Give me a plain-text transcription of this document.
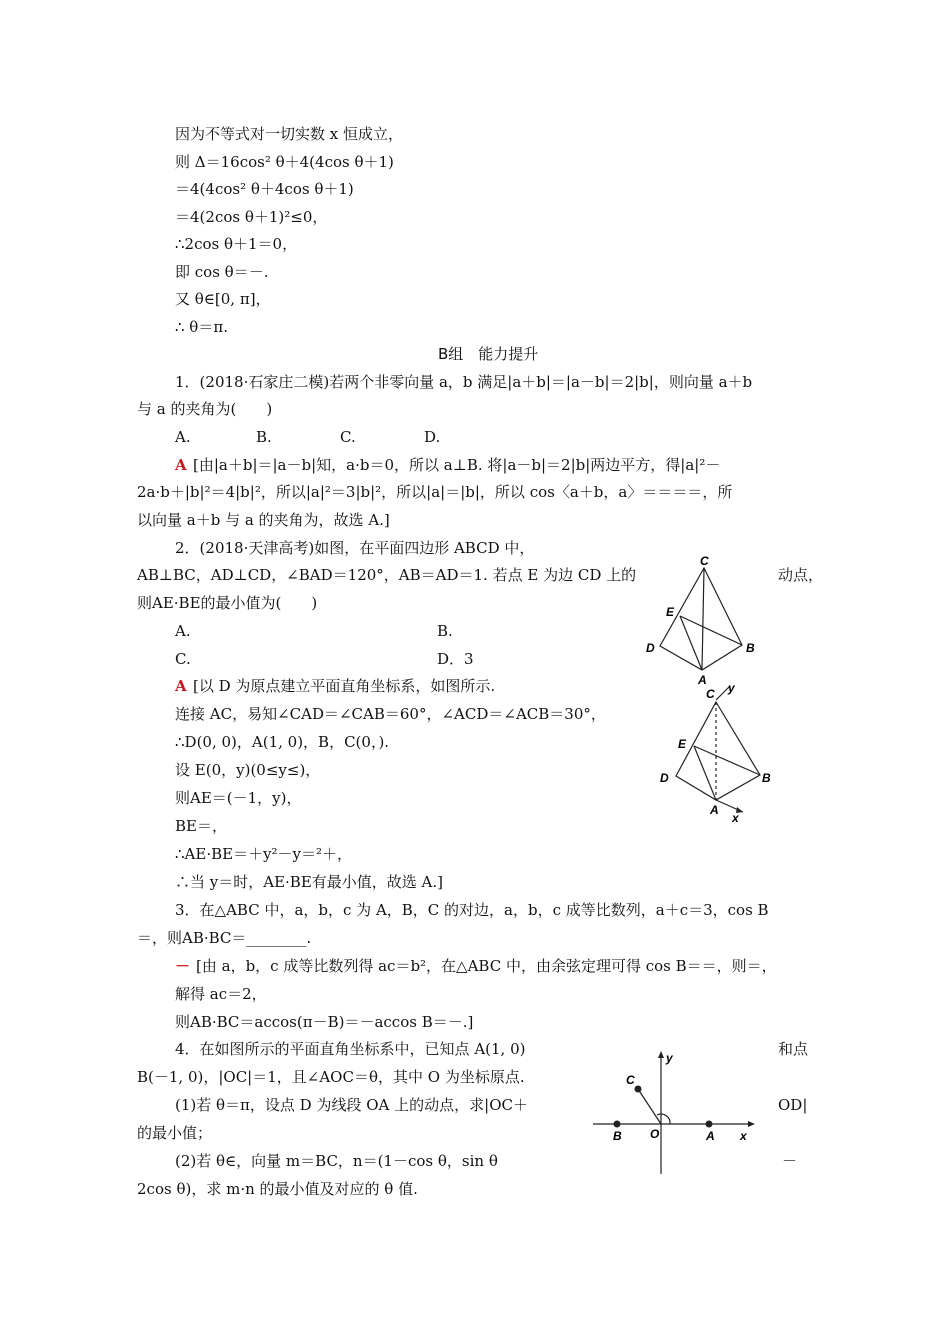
因为不等式对一切实数 x 恒成立，
则 Δ＝16cos² θ＋4(4cos θ＋1)
＝4(4cos² θ＋4cos θ＋1)
＝4(2cos θ＋1)²≤0，
∴2cos θ＋1＝0，
即 cos θ＝－.
又 θ∈[0, π]，
∴ θ＝π.
B组　能力提升
1．(2018·石家庄二模)若两个非零向量 a，b 满足|a＋b|＝|a－b|＝2|b|，则向量 a＋b
与 a 的夹角为(　　)
A.	B.	C.	D.
A [由|a＋b|＝|a－b|知，a·b＝0，所以 a⊥B. 将|a－b|＝2|b|两边平方，得|a|²－
2a·b＋|b|²＝4|b|²，所以|a|²＝3|b|²，所以|a|＝|b|，所以 cos〈a＋b，a〉＝＝＝＝，所
以向量 a＋b 与 a 的夹角为，故选 A.]
2．(2018·天津高考)如图，在平面四边形 ABCD 中，
动点，
AB⊥BC，AD⊥CD，∠BAD＝120°，AB＝AD＝1. 若点 E 为边 CD 上的
则AE·BE的最小值为(　　)
A.	B.
C.	D．3
A [以 D 为原点建立平面直角坐标系，如图所示.
连接 AC，易知∠CAD＝∠CAB＝60°，∠ACD＝∠ACB＝30°，
∴D(0, 0)，A(1, 0)，B，C(0，).
设 E(0，y)(0≤y≤)，
则AE＝(－1，y)，
BE＝，
∴AE·BE＝＋y²－y＝²＋，
∴当 y＝时，AE·BE有最小值，故选 A.]
3．在△ABC 中，a，b，c 为 A，B，C 的对边，a，b，c 成等比数列，a＋c＝3，cos B
＝，则AB·BC＝________.
－ [由 a，b，c 成等比数列得 ac＝b²，在△ABC 中，由余弦定理可得 cos B＝＝，则＝，
解得 ac＝2，
则AB·BC＝accos(π－B)＝－accos B＝－.]
4．在如图所示的平面直角坐标系中，已知点 A(1, 0)	和点
B(－1, 0)，|OC|＝1，且∠AOC＝θ，其中 O 为坐标原点.
(1)若 θ＝π，设点 D 为线段 OA 上的动点，求|OC＋	OD|
的最小值；
(2)若 θ∈，向量 m＝BC，n＝(1－cos θ，sin θ	－
2cos θ)，求 m·n 的最小值及对应的 θ 值.
C
E
D
A
B
C y
E
D
A
B
x
y
C
B O	A x
